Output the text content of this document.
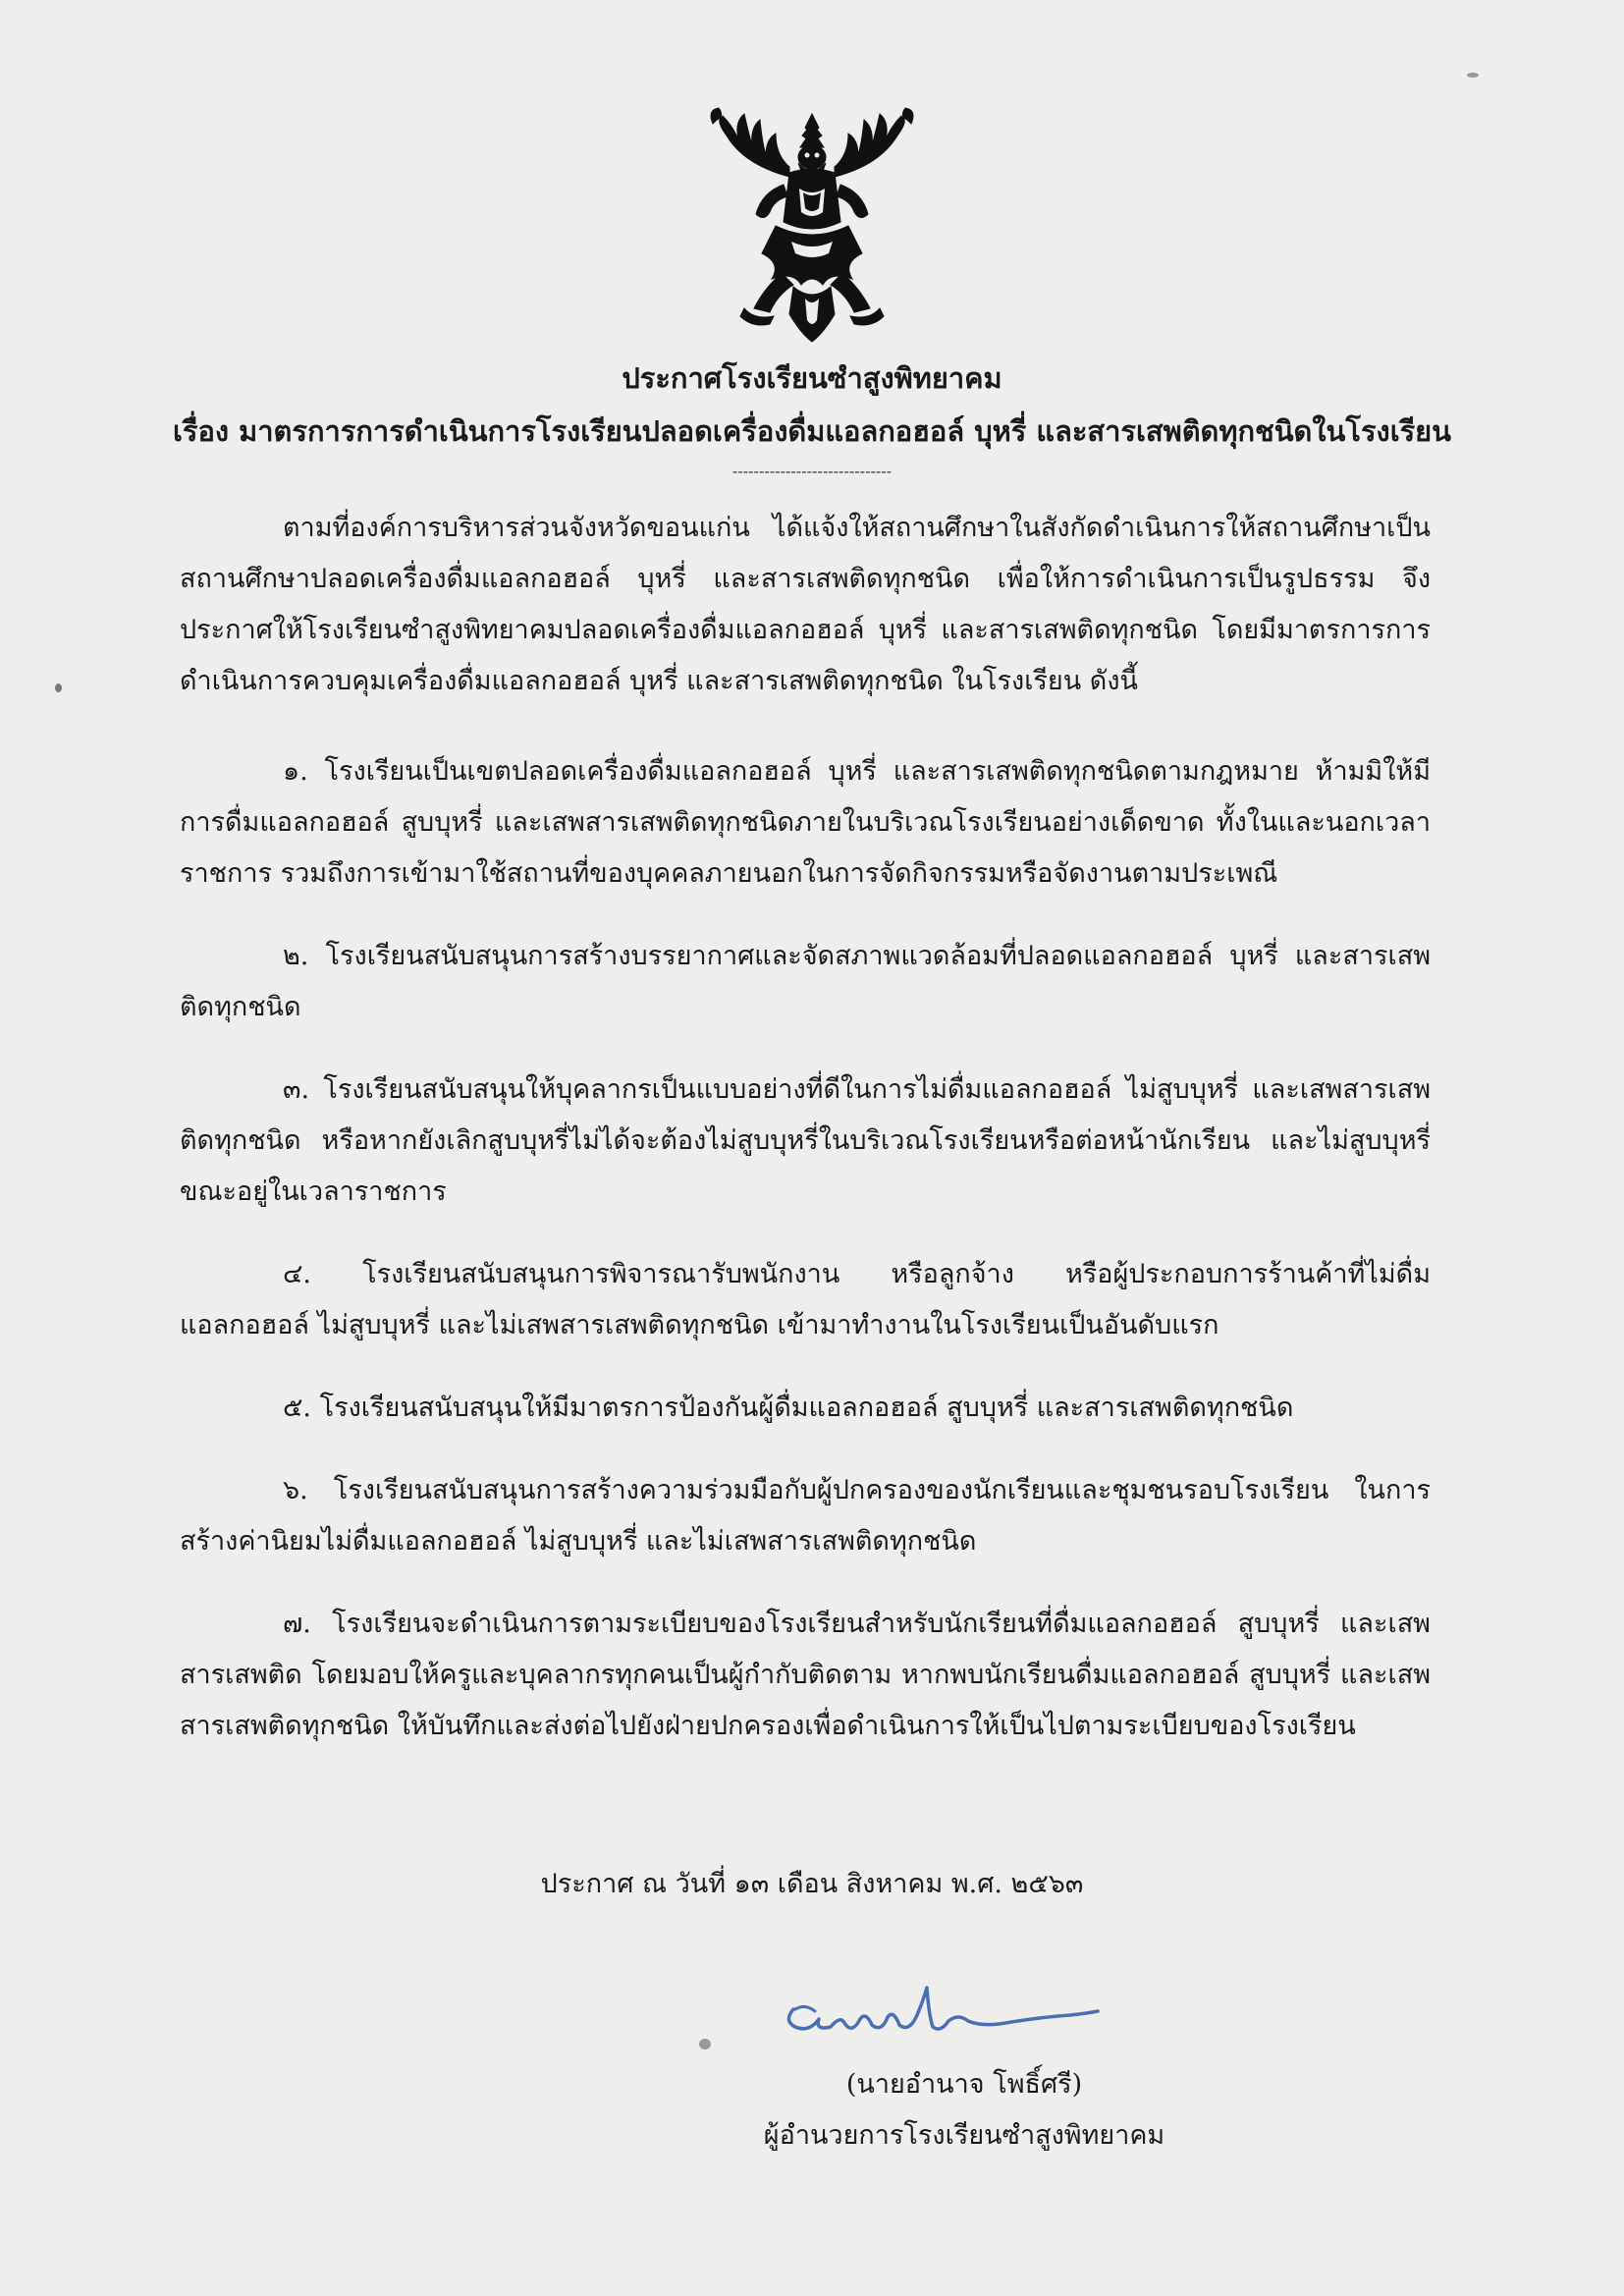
ประกาศโรงเรียนซำสูงพิทยาคม
เรื่อง มาตรการการดำเนินการโรงเรียนปลอดเครื่องดื่มแอลกอฮอล์ บุหรี่ และสารเสพติดทุกชนิดในโรงเรียน
------------------------------

ตามที่องค์การบริหารส่วนจังหวัดขอนแก่น ได้แจ้งให้สถานศึกษาในสังกัดดำเนินการให้สถานศึกษาเป็นสถานศึกษาปลอดเครื่องดื่มแอลกอฮอล์ บุหรี่ และสารเสพติดทุกชนิด เพื่อให้การดำเนินการเป็นรูปธรรม จึงประกาศให้โรงเรียนซำสูงพิทยาคมปลอดเครื่องดื่มแอลกอฮอล์ บุหรี่ และสารเสพติดทุกชนิด โดยมีมาตรการการดำเนินการควบคุมเครื่องดื่มแอลกอฮอล์ บุหรี่ และสารเสพติดทุกชนิด ในโรงเรียน ดังนี้

๑. โรงเรียนเป็นเขตปลอดเครื่องดื่มแอลกอฮอล์ บุหรี่ และสารเสพติดทุกชนิดตามกฎหมาย ห้ามมิให้มีการดื่มแอลกอฮอล์ สูบบุหรี่ และเสพสารเสพติดทุกชนิดภายในบริเวณโรงเรียนอย่างเด็ดขาด ทั้งในและนอกเวลาราชการ รวมถึงการเข้ามาใช้สถานที่ของบุคคลภายนอกในการจัดกิจกรรมหรือจัดงานตามประเพณี

๒. โรงเรียนสนับสนุนการสร้างบรรยากาศและจัดสภาพแวดล้อมที่ปลอดแอลกอฮอล์ บุหรี่ และสารเสพติดทุกชนิด

๓. โรงเรียนสนับสนุนให้บุคลากรเป็นแบบอย่างที่ดีในการไม่ดื่มแอลกอฮอล์ ไม่สูบบุหรี่ และเสพสารเสพติดทุกชนิด หรือหากยังเลิกสูบบุหรี่ไม่ได้จะต้องไม่สูบบุหรี่ในบริเวณโรงเรียนหรือต่อหน้านักเรียน และไม่สูบบุหรี่ขณะอยู่ในเวลาราชการ

๔. โรงเรียนสนับสนุนการพิจารณารับพนักงาน หรือลูกจ้าง หรือผู้ประกอบการร้านค้าที่ไม่ดื่มแอลกอฮอล์ ไม่สูบบุหรี่ และไม่เสพสารเสพติดทุกชนิด เข้ามาทำงานในโรงเรียนเป็นอันดับแรก

๕. โรงเรียนสนับสนุนให้มีมาตรการป้องกันผู้ดื่มแอลกอฮอล์ สูบบุหรี่ และสารเสพติดทุกชนิด

๖. โรงเรียนสนับสนุนการสร้างความร่วมมือกับผู้ปกครองของนักเรียนและชุมชนรอบโรงเรียน ในการสร้างค่านิยมไม่ดื่มแอลกอฮอล์ ไม่สูบบุหรี่ และไม่เสพสารเสพติดทุกชนิด

๗. โรงเรียนจะดำเนินการตามระเบียบของโรงเรียนสำหรับนักเรียนที่ดื่มแอลกอฮอล์ สูบบุหรี่ และเสพสารเสพติด โดยมอบให้ครูและบุคลากรทุกคนเป็นผู้กำกับติดตาม หากพบนักเรียนดื่มแอลกอฮอล์ สูบบุหรี่ และเสพสารเสพติดทุกชนิด ให้บันทึกและส่งต่อไปยังฝ่ายปกครองเพื่อดำเนินการให้เป็นไปตามระเบียบของโรงเรียน

ประกาศ ณ วันที่ ๑๓ เดือน สิงหาคม พ.ศ. ๒๕๖๓
(นายอำนาจ โพธิ์ศรี)
ผู้อำนวยการโรงเรียนซำสูงพิทยาคม
